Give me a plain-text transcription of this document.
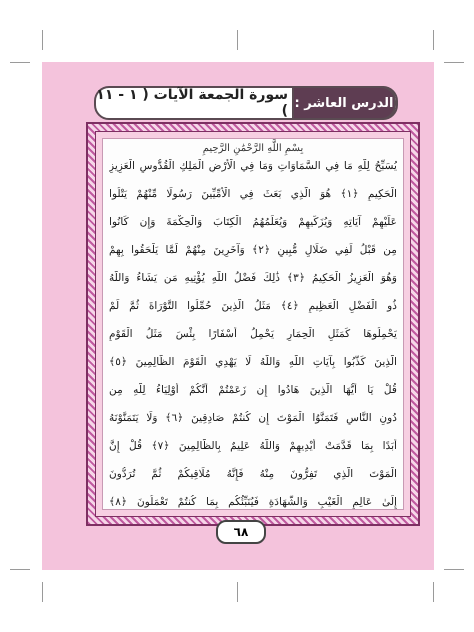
سورة الجمعة الآيات ( ١ - ١١ ) الدرس العاشر :
بِسْمِ اللَّهِ الرَّحْمَٰنِ الرَّحِيمِ
يُسَبِّحُ لِلَّهِ مَا فِي السَّمَاوَاتِ وَمَا فِي الْأَرْضِ الْمَلِكِ الْقُدُّوسِ الْعَزِيزِ
الْحَكِيمِ ﴿١﴾ هُوَ الَّذِي بَعَثَ فِي الْأُمِّيِّينَ رَسُولًا مِّنْهُمْ يَتْلُوا
عَلَيْهِمْ آيَاتِهِ وَيُزَكِّيهِمْ وَيُعَلِّمُهُمُ الْكِتَابَ وَالْحِكْمَةَ وَإِن كَانُوا
مِن قَبْلُ لَفِي ضَلَالٍ مُّبِينٍ ﴿٢﴾ وَآخَرِينَ مِنْهُمْ لَمَّا يَلْحَقُوا بِهِمْ
وَهُوَ الْعَزِيزُ الْحَكِيمُ ﴿٣﴾ ذَٰلِكَ فَضْلُ اللَّهِ يُؤْتِيهِ مَن يَشَاءُ وَاللَّهُ
ذُو الْفَضْلِ الْعَظِيمِ ﴿٤﴾ مَثَلُ الَّذِينَ حُمِّلُوا التَّوْرَاةَ ثُمَّ لَمْ
يَحْمِلُوهَا كَمَثَلِ الْحِمَارِ يَحْمِلُ أَسْفَارًا بِئْسَ مَثَلُ الْقَوْمِ
الَّذِينَ كَذَّبُوا بِآيَاتِ اللَّهِ وَاللَّهُ لَا يَهْدِي الْقَوْمَ الظَّالِمِينَ ﴿٥﴾
قُلْ يَا أَيُّهَا الَّذِينَ هَادُوا إِن زَعَمْتُمْ أَنَّكُمْ أَوْلِيَاءُ لِلَّهِ مِن
دُونِ النَّاسِ فَتَمَنَّوُا الْمَوْتَ إِن كُنتُمْ صَادِقِينَ ﴿٦﴾ وَلَا يَتَمَنَّوْنَهُ
أَبَدًا بِمَا قَدَّمَتْ أَيْدِيهِمْ وَاللَّهُ عَلِيمٌ بِالظَّالِمِينَ ﴿٧﴾ قُلْ إِنَّ
الْمَوْتَ الَّذِي تَفِرُّونَ مِنْهُ فَإِنَّهُ مُلَاقِيكُمْ ثُمَّ تُرَدُّونَ
إِلَىٰ عَالِمِ الْغَيْبِ وَالشَّهَادَةِ فَيُنَبِّئُكُم بِمَا كُنتُمْ تَعْمَلُونَ ﴿٨﴾
٦٨
